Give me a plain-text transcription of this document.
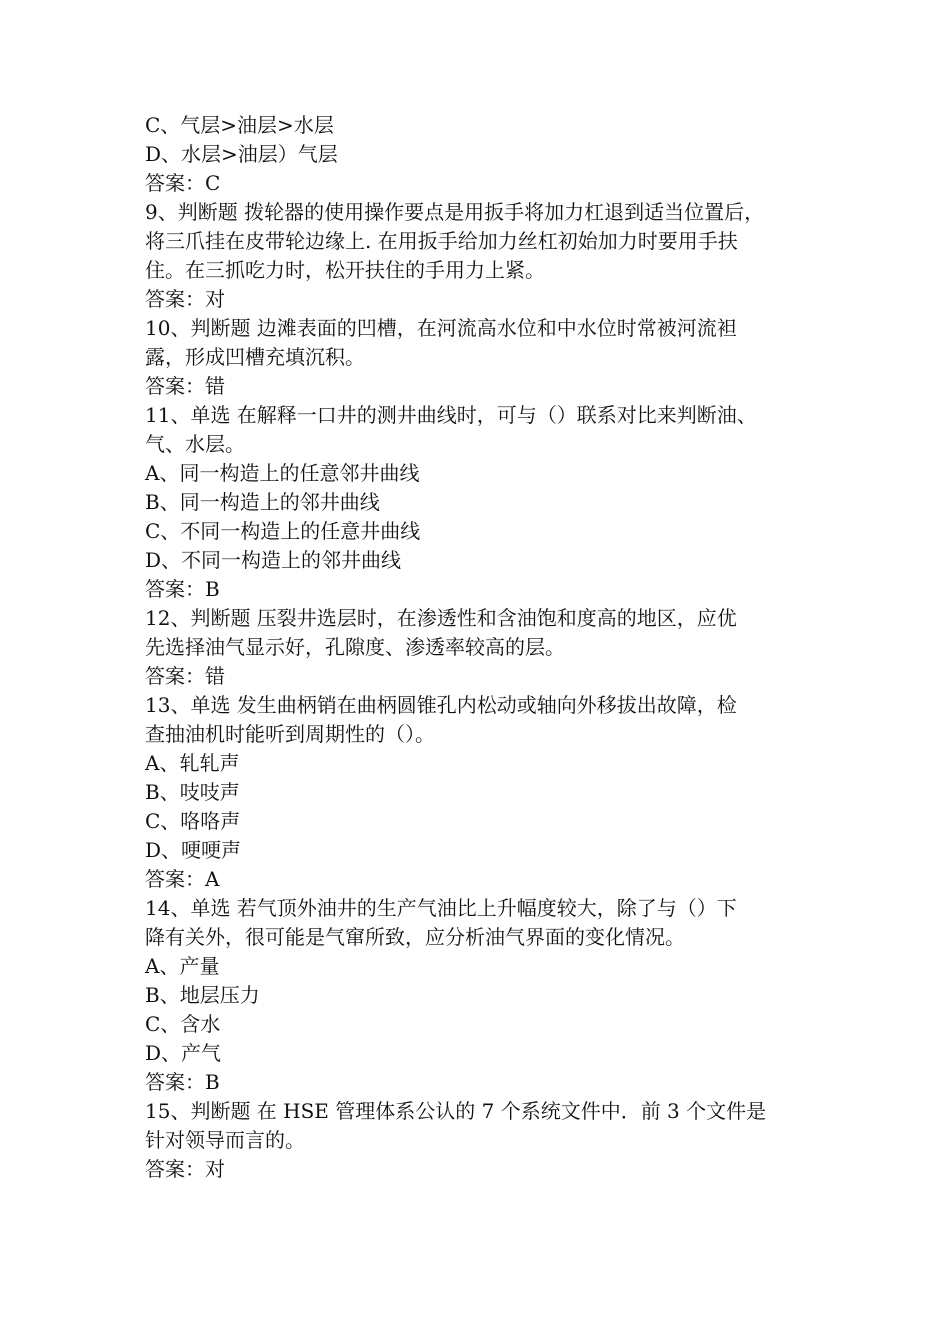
C、气层>油层>水层
D、水层>油层）气层
答案：C
9、判断题 拨轮器的使用操作要点是用扳手将加力杠退到适当位置后，
将三爪挂在皮带轮边缘上. 在用扳手给加力丝杠初始加力时要用手扶
住。在三抓吃力时，松开扶住的手用力上紧。
答案：对
10、判断题 边滩表面的凹槽，在河流高水位和中水位时常被河流袒
露，形成凹槽充填沉积。
答案：错
11、单选 在解释一口井的测井曲线时，可与（）联系对比来判断油、
气、水层。
A、同一构造上的任意邻井曲线
B、同一构造上的邻井曲线
C、不同一构造上的任意井曲线
D、不同一构造上的邻井曲线
答案：B
12、判断题 压裂井选层时，在渗透性和含油饱和度高的地区，应优
先选择油气显示好，孔隙度、渗透率较高的层。
答案：错
13、单选 发生曲柄销在曲柄圆锥孔内松动或轴向外移拔出故障，检
查抽油机时能听到周期性的（）。
A、轧轧声
B、吱吱声
C、咯咯声
D、哽哽声
答案：A
14、单选 若气顶外油井的生产气油比上升幅度较大，除了与（）下
降有关外，很可能是气窜所致，应分析油气界面的变化情况。
A、产量
B、地层压力
C、含水
D、产气
答案：B
15、判断题 在 HSE 管理体系公认的 7 个系统文件中．前 3 个文件是
针对领导而言的。
答案：对
